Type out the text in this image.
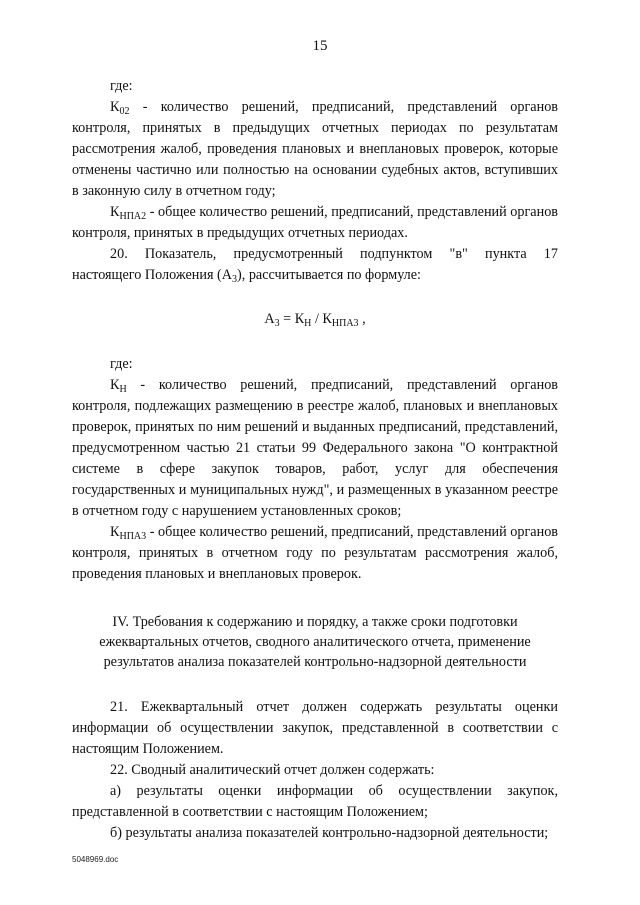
15

где:

$К_{02}$ - количество решений, предписаний, представлений органов контроля, принятых в предыдущих отчетных периодах по результатам рассмотрения жалоб, проведения плановых и внеплановых проверок, которые отменены частично или полностью на основании судебных актов, вступивших в законную силу в отчетном году;

$К_{НПА2}$ - общее количество решений, предписаний, представлений органов контроля, принятых в предыдущих отчетных периодах.

20. Показатель, предусмотренный подпунктом "в" пункта 17

настоящего Положения $(А_3)$, рассчитывается по формуле:

$А_3 = К_Н / К_{НПА3}$ ,

где:

$К_Н$ - количество решений, предписаний, представлений органов контроля, подлежащих размещению в реестре жалоб, плановых и внеплановых проверок, принятых по ним решений и выданных предписаний, представлений, предусмотренном частью 21 статьи 99 Федерального закона "О контрактной системе в сфере закупок товаров, работ, услуг для обеспечения государственных и муниципальных нужд", и размещенных в указанном реестре в отчетном году с нарушением установленных сроков;

$К_{НПА3}$ - общее количество решений, предписаний, представлений органов контроля, принятых в отчетном году по результатам рассмотрения жалоб, проведения плановых и внеплановых проверок.

IV. Требования к содержанию и порядку, а также сроки подготовки
ежеквартальных отчетов, сводного аналитического отчета, применение
результатов анализа показателей контрольно-надзорной деятельности

21. Ежеквартальный отчет должен содержать результаты оценки информации об осуществлении закупок, представленной в соответствии с настоящим Положением.

22. Сводный аналитический отчет должен содержать:

а) результаты оценки информации об осуществлении закупок, представленной в соответствии с настоящим Положением;

б) результаты анализа показателей контрольно-надзорной деятельности;

5048969.doc
